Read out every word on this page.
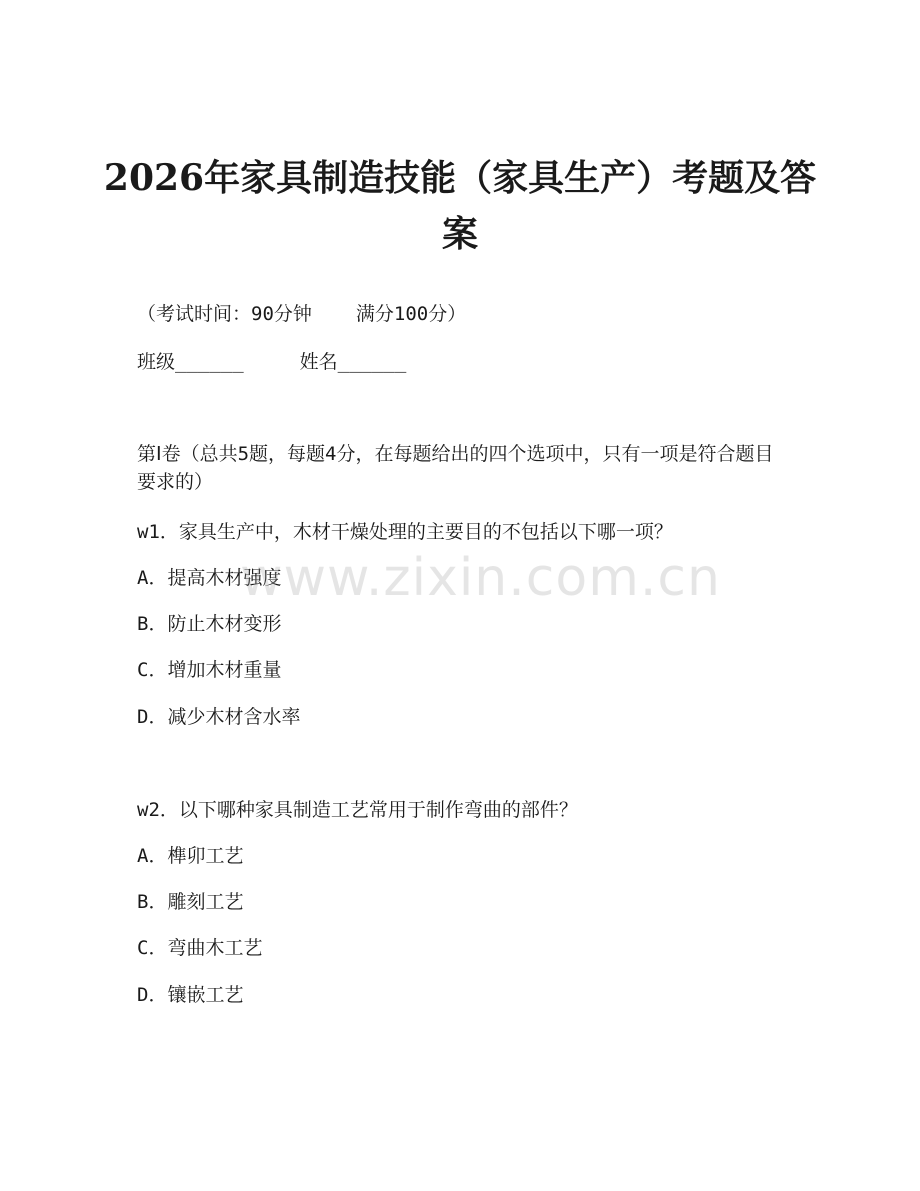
2026年家具制造技能（家具生产）考题及答
案
（考试时间：90分钟 满分100分）
班级______	姓名______
第Ⅰ卷（总共5题，每题4分，在每题给出的四个选项中，只有一项是符合题目要求的）
w1．家具生产中，木材干燥处理的主要目的不包括以下哪一项？
A．提高木材强度
B．防止木材变形
C．增加木材重量
D．减少木材含水率
w2．以下哪种家具制造工艺常用于制作弯曲的部件？
A．榫卯工艺
B．雕刻工艺
C．弯曲木工艺
D．镶嵌工艺
www.zixin.com.cn
